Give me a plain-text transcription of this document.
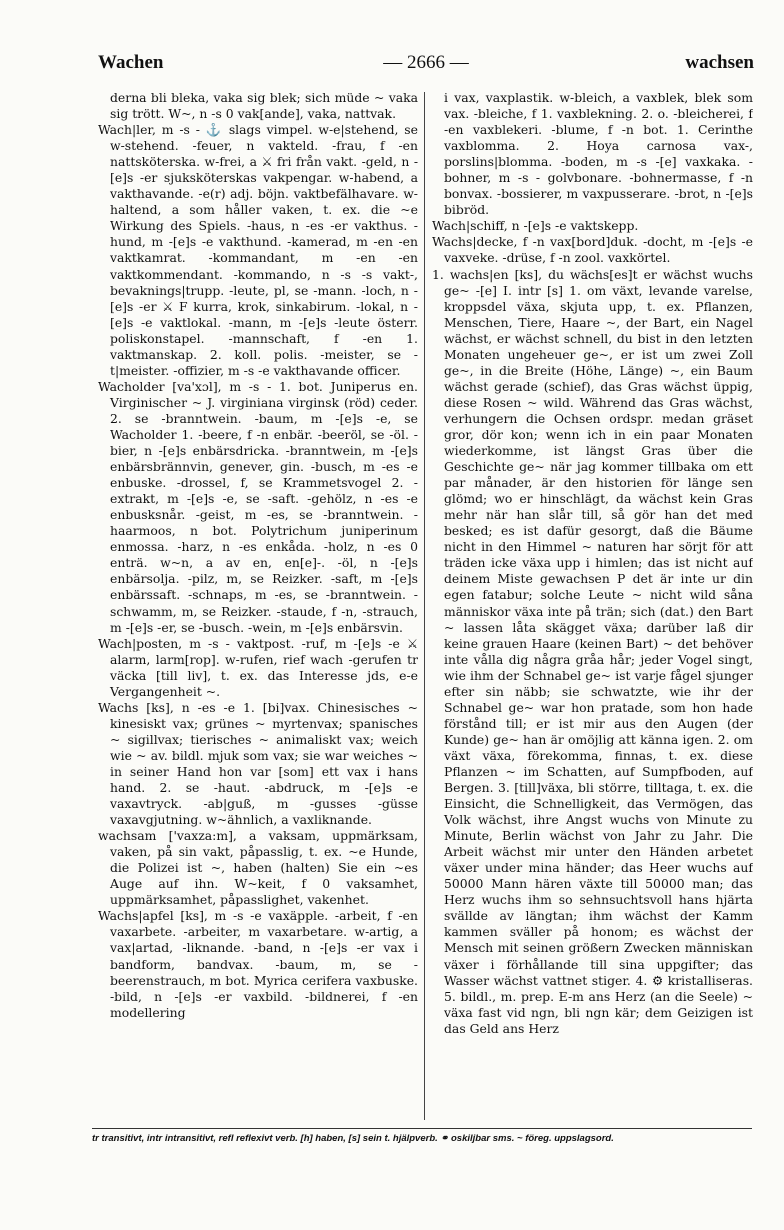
— 2666 —
Wachen	wachsen

derna bli bleka, vaka sig blek; sich müde ~ vaka sig trött. W~, n -s 0 vak[ande], vaka, nattvak.

Wach|ler, m -s - ⚓ slags vimpel. w-e|stehend, se w-stehend. -feuer, n vakteld. -frau, f -en nattsköterska. w-frei, a ⚔ fri från vakt. -geld, n -[e]s -er sjuksköterskas vakpengar. w-habend, a vakthavande. -e(r) adj. böjn. vaktbefälhavare. w-haltend, a som håller vaken, t. ex. die ~e Wirkung des Spiels. -haus, n -es -er vakthus. -hund, m -[e]s -e vakthund. -kamerad, m -en -en vaktkamrat. -kommandant, m -en -en vaktkommendant. -kommando, n -s -s vakt-, bevaknings|trupp. -leute, pl, se -mann. -loch, n -[e]s -er ⚔ F kurra, krok, sinkabirum. -lokal, n -[e]s -e vaktlokal. -mann, m -[e]s -leute österr. poliskonstapel. -mannschaft, f -en 1. vaktmanskap. 2. koll. polis. -meister, se -t|meister. -offizier, m -s -e vakthavande officer.

Wacholder [va'xɔl], m -s - 1. bot. Juniperus en. Virginischer ~ J. virginiana virginsk (röd) ceder. 2. se -branntwein. -baum, m -[e]s -e, se Wacholder 1. -beere, f -n enbär. -beeröl, se -öl. -bier, n -[e]s enbärsdricka. -branntwein, m -[e]s enbärsbrännvin, genever, gin. -busch, m -es -e enbuske. -drossel, f, se Krammetsvogel 2. -extrakt, m -[e]s -e, se -saft. -gehölz, n -es -e enbusksnår. -geist, m -es, se -branntwein. -haarmoos, n bot. Polytrichum juniperinum enmossa. -harz, n -es enkåda. -holz, n -es 0 enträ. w~n, a av en, en[e]-. -öl, n -[e]s enbärsolja. -pilz, m, se Reizker. -saft, m -[e]s enbärssaft. -schnaps, m -es, se -branntwein. -schwamm, m, se Reizker. -staude, f -n, -strauch, m -[e]s -er, se -busch. -wein, m -[e]s enbärsvin.

Wach|posten, m -s - vaktpost. -ruf, m -[e]s -e ⚔ alarm, larm[rop]. w-rufen, rief wach -gerufen tr väcka [till liv], t. ex. das Interesse jds, e-e Vergangenheit ~.

Wachs [ks], n -es -e 1. [bi]vax. Chinesisches ~ kinesiskt vax; grünes ~ myrtenvax; spanisches ~ sigillvax; tierisches ~ animaliskt vax; weich wie ~ av. bildl. mjuk som vax; sie war weiches ~ in seiner Hand hon var [som] ett vax i hans hand. 2. se -haut. -abdruck, m -[e]s -e vaxavtryck. -ab|guß, m -gusses -güsse vaxavgjutning. w~ähnlich, a vaxliknande.

wachsam ['vaxza:m], a vaksam, uppmärksam, vaken, på sin vakt, påpasslig, t. ex. ~e Hunde, die Polizei ist ~, haben (halten) Sie ein ~es Auge auf ihn. W~keit, f 0 vaksamhet, uppmärksamhet, påpasslighet, vakenhet.

Wachs|apfel [ks], m -s -e vaxäpple. -arbeit, f -en vaxarbete. -arbeiter, m vaxarbetare. w-artig, a vax|artad, -liknande. -band, n -[e]s -er vax i bandform, bandvax. -baum, m, se -beerenstrauch, m bot. Myrica cerifera vaxbuske. -bild, n -[e]s -er vaxbild. -bildnerei, f -en modellering

i vax, vaxplastik. w-bleich, a vaxblek, blek som vax. -bleiche, f 1. vaxblekning. 2. o. -bleicherei, f -en vaxblekeri. -blume, f -n bot. 1. Cerinthe vaxblomma. 2. Hoya carnosa vax-, porslins|blomma. -boden, m -s -[e] vaxkaka. -bohner, m -s - golvbonare. -bohnermasse, f -n bonvax. -bossierer, m vaxpusserare. -brot, n -[e]s bibröd.

Wach|schiff, n -[e]s -e vaktskepp.

Wachs|decke, f -n vax[bord]duk. -docht, m -[e]s -e vaxveke. -drüse, f -n zool. vaxkörtel.

1. wachs|en [ks], du wächs[es]t er wächst wuchs ge~ -[e] I. intr [s] 1. om växt, levande varelse, kroppsdel växa, skjuta upp, t. ex. Pflanzen, Menschen, Tiere, Haare ~, der Bart, ein Nagel wächst, er wächst schnell, du bist in den letzten Monaten ungeheuer ge~, er ist um zwei Zoll ge~, in die Breite (Höhe, Länge) ~, ein Baum wächst gerade (schief), das Gras wächst üppig, diese Rosen ~ wild. Während das Gras wächst, verhungern die Ochsen ordspr. medan gräset gror, dör kon; wenn ich in ein paar Monaten wiederkomme, ist längst Gras über die Geschichte ge~ när jag kommer tillbaka om ett par månader, är den historien för länge sen glömd; wo er hinschlägt, da wächst kein Gras mehr när han slår till, så gör han det med besked; es ist dafür gesorgt, daß die Bäume nicht in den Himmel ~ naturen har sörjt för att träden icke växa upp i himlen; das ist nicht auf deinem Miste gewachsen P det är inte ur din egen fatabur; solche Leute ~ nicht wild såna människor växa inte på trän; sich (dat.) den Bart ~ lassen låta skägget växa; darüber laß dir keine grauen Haare (keinen Bart) ~ det behöver inte vålla dig några gråa hår; jeder Vogel singt, wie ihm der Schnabel ge~ ist varje fågel sjunger efter sin näbb; sie schwatzte, wie ihr der Schnabel ge~ war hon pratade, som hon hade förstånd till; er ist mir aus den Augen (der Kunde) ge~ han är omöjlig att känna igen. 2. om växt växa, förekomma, finnas, t. ex. diese Pflanzen ~ im Schatten, auf Sumpfboden, auf Bergen. 3. [till]växa, bli större, tilltaga, t. ex. die Einsicht, die Schnelligkeit, das Vermögen, das Volk wächst, ihre Angst wuchs von Minute zu Minute, Berlin wächst von Jahr zu Jahr. Die Arbeit wächst mir unter den Händen arbetet växer under mina händer; das Heer wuchs auf 50000 Mann hären växte till 50000 man; das Herz wuchs ihm so sehnsuchtsvoll hans hjärta svällde av längtan; ihm wächst der Kamm kammen sväller på honom; es wächst der Mensch mit seinen größern Zwecken människan växer i förhållande till sina uppgifter; das Wasser wächst vattnet stiger. 4. ⚙ kristalliseras. 5. bildl., m. prep. E-m ans Herz (an die Seele) ~ växa fast vid ngn, bli ngn kär; dem Geizigen ist das Geld ans Herz

tr transitivt, intr intransitivt, refl reflexivt verb. [h] haben, [s] sein t. hjälpverb. ⚭ oskiljbar sms. ~ föreg. uppslagsord.
